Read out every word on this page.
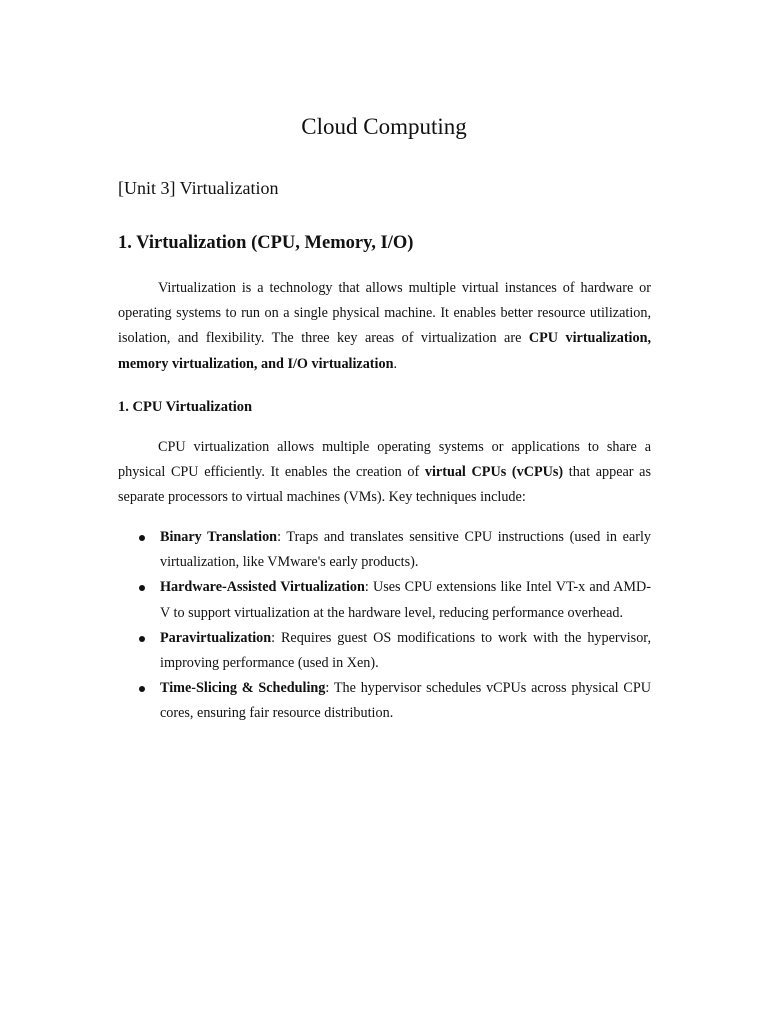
Cloud Computing
[Unit 3] Virtualization
1. Virtualization (CPU, Memory, I/O)

Virtualization is a technology that allows multiple virtual instances of hardware or operating systems to run on a single physical machine. It enables better resource utilization, isolation, and flexibility. The three key areas of virtualization are CPU virtualization, memory virtualization, and I/O virtualization.

1. CPU Virtualization

CPU virtualization allows multiple operating systems or applications to share a physical CPU efficiently. It enables the creation of virtual CPUs (vCPUs) that appear as separate processors to virtual machines (VMs). Key techniques include:

Binary Translation: Traps and translates sensitive CPU instructions (used in early virtualization, like VMware's early products).
Hardware-Assisted Virtualization: Uses CPU extensions like Intel VT-x and AMD-V to support virtualization at the hardware level, reducing performance overhead.
Paravirtualization: Requires guest OS modifications to work with the hypervisor, improving performance (used in Xen).
Time-Slicing & Scheduling: The hypervisor schedules vCPUs across physical CPU cores, ensuring fair resource distribution.
